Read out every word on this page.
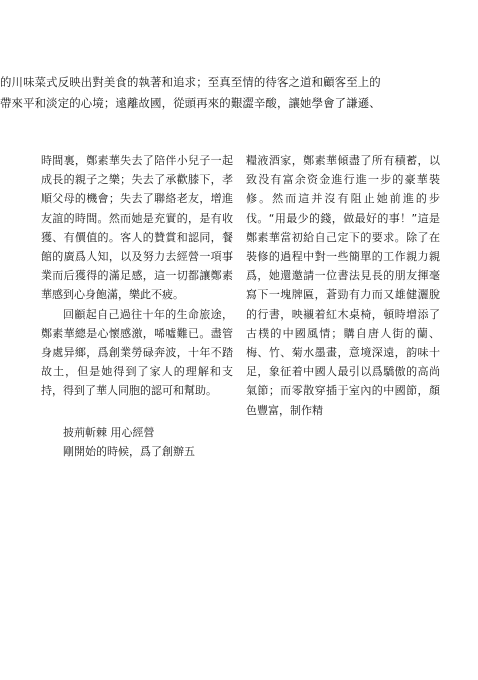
的川味菜式反映出對美食的執著和追求；至真至情的待客之道和顧客至上的

帶來平和淡定的心境；遠離故國，從頭再來的艱澀辛酸，讓她學會了謙遜、

時間裏，鄭素華失去了陪伴小兒子一起成長的親子之樂；失去了承歡膝下，孝順父母的機會；失去了聯絡老友，增進友誼的時間。然而她是充實的，是有收獲、有價值的。客人的贊賞和認同，餐館的廣爲人知，以及努力去經營一項事業而后獲得的滿足感，這一切都讓鄭素華感到心身飽滿，樂此不疲。

回顧起自己過往十年的生命旅途，鄭素華總是心懷感激，唏噓難已。盡管身處异鄉，爲創業勞碌奔波，十年不踏故土，但是她得到了家人的理解和支持，得到了華人同胞的認可和幫助。

披荊斬棘 用心經營

剛開始的時候，爲了創辦五

糧液酒家，鄭素華傾盡了所有積蓄，以致没有富余资金進行進一步的豪華裝修。然而這并沒有阻止她前進的步伐。“用最少的錢，做最好的事！”這是鄭素華當初給自己定下的要求。除了在裝修的過程中對一些簡單的工作親力親爲，她還邀請一位書法見長的朋友揮毫寫下一塊牌匾，蒼勁有力而又雄健灑脫的行書，映襯着紅木桌椅，頓時增添了古樸的中國風情；購自唐人街的蘭、梅、竹、菊水墨畫，意境深遠，韵味十足，象征着中國人最引以爲驕傲的高尚氣節；而零散穿插于室內的中國節，顏色豐富，制作精
